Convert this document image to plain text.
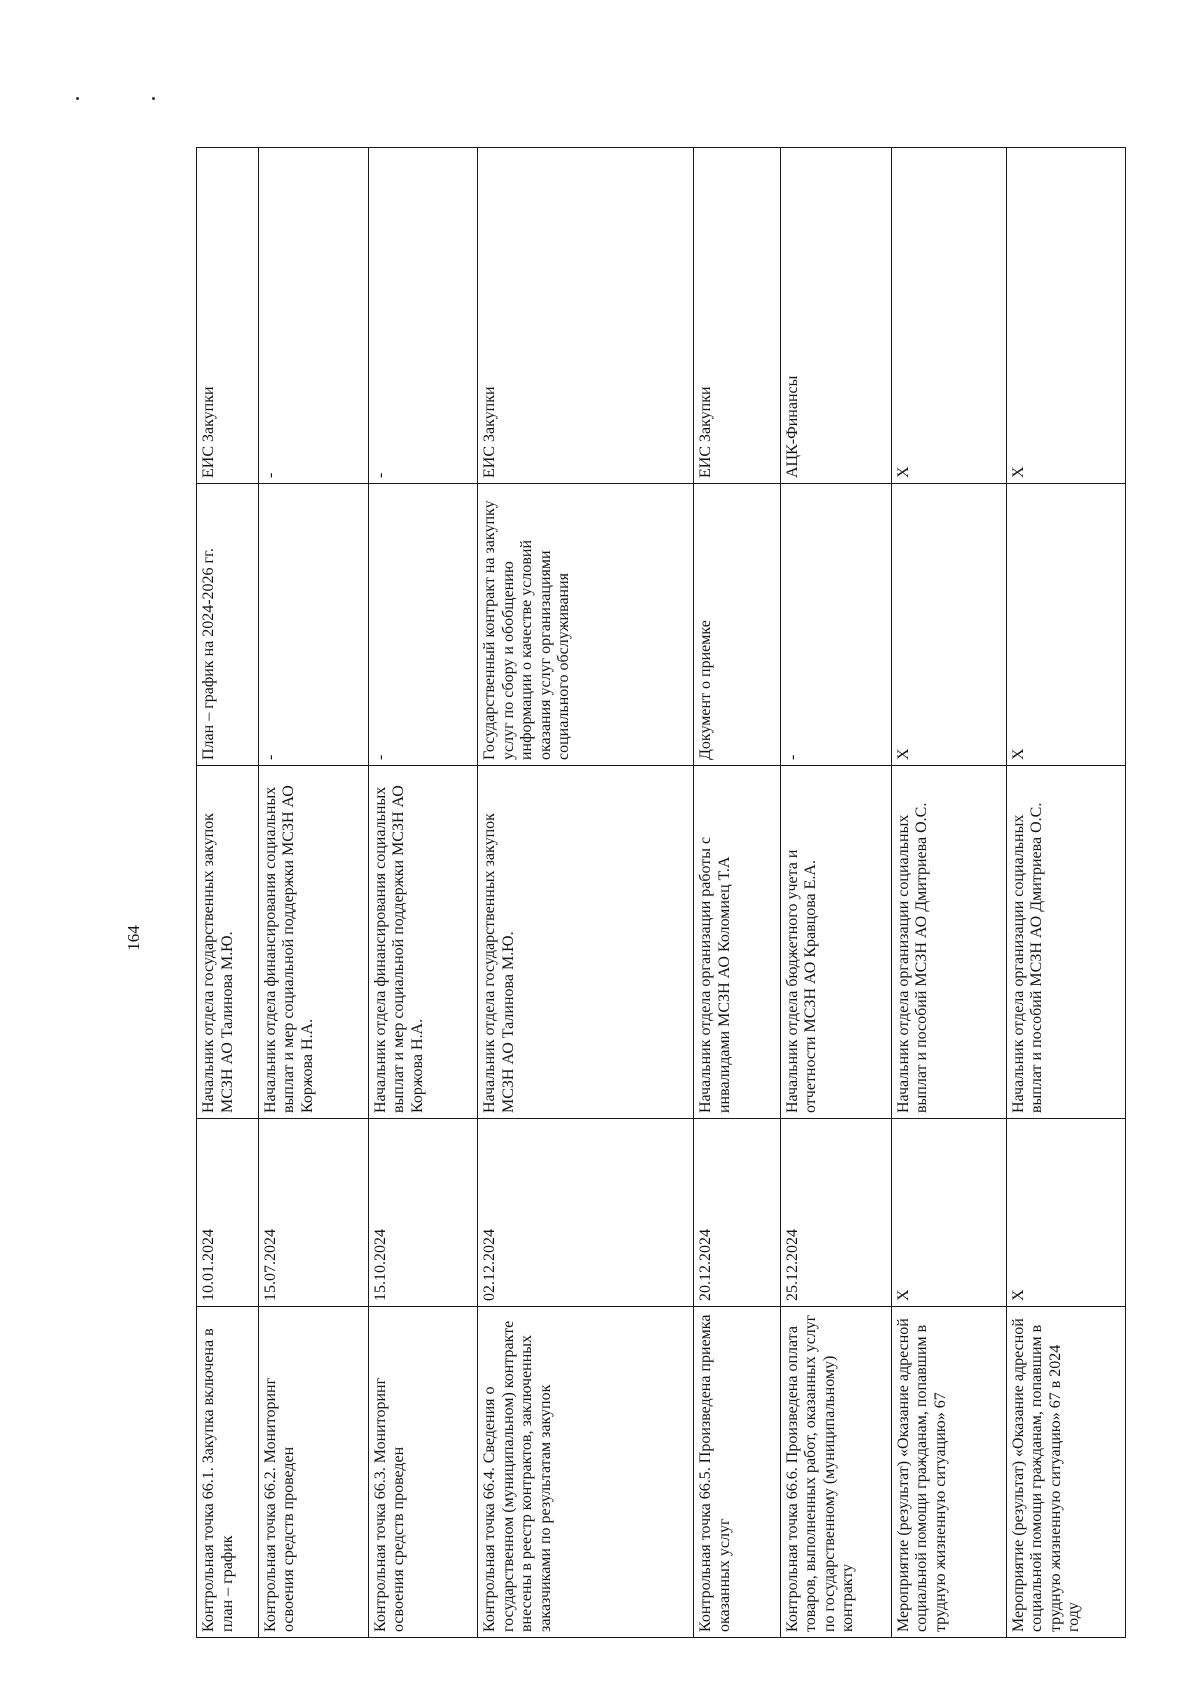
164
Контрольная точка 66.1. Закупка включена в план – график	10.01.2024	Начальник отдела государственных закупок МСЗН АО Талинова М.Ю.	План – график на 2024-2026 гг.	ЕИС Закупки
Контрольная точка 66.2. Мониторинг освоения средств проведен	15.07.2024	Начальник отдела финансирования социальных выплат и мер социальной поддержки МСЗН АО Коржова Н.А.	-	-
Контрольная точка 66.3. Мониторинг освоения средств проведен	15.10.2024	Начальник отдела финансирования социальных выплат и мер социальной поддержки МСЗН АО Коржова Н.А.	-	-
Контрольная точка 66.4. Сведения о государственном (муниципальном) контракте внесены в реестр контрактов, заключенных заказчиками по результатам закупок	02.12.2024	Начальник отдела государственных закупок МСЗН АО Талинова М.Ю.	Государственный контракт на закупку услуг по сбору и обобщению информации о качестве условий оказания услуг организациями социального обслуживания	ЕИС Закупки
Контрольная точка 66.5. Произведена приемка оказанных услуг	20.12.2024	Начальник отдела организации работы с инвалидами МСЗН АО Коломиец Т.А	Документ о приемке	ЕИС Закупки
Контрольная точка 66.6. Произведена оплата товаров, выполненных работ, оказанных услуг по государственному (муниципальному) контракту	25.12.2024	Начальник отдела бюджетного учета и отчетности МСЗН АО Кравцова Е.А.	-	АЦК-Финансы
Мероприятие (результат) «Оказание адресной социальной помощи гражданам, попавшим в трудную жизненную ситуацию» 67	Х	Начальник отдела организации социальных выплат и пособий МСЗН АО Дмитриева О.С.	Х	Х
Мероприятие (результат) «Оказание адресной социальной помощи гражданам, попавшим в трудную жизненную ситуацию» 67 в 2024 году	Х	Начальник отдела организации социальных выплат и пособий МСЗН АО Дмитриева О.С.	Х	Х
